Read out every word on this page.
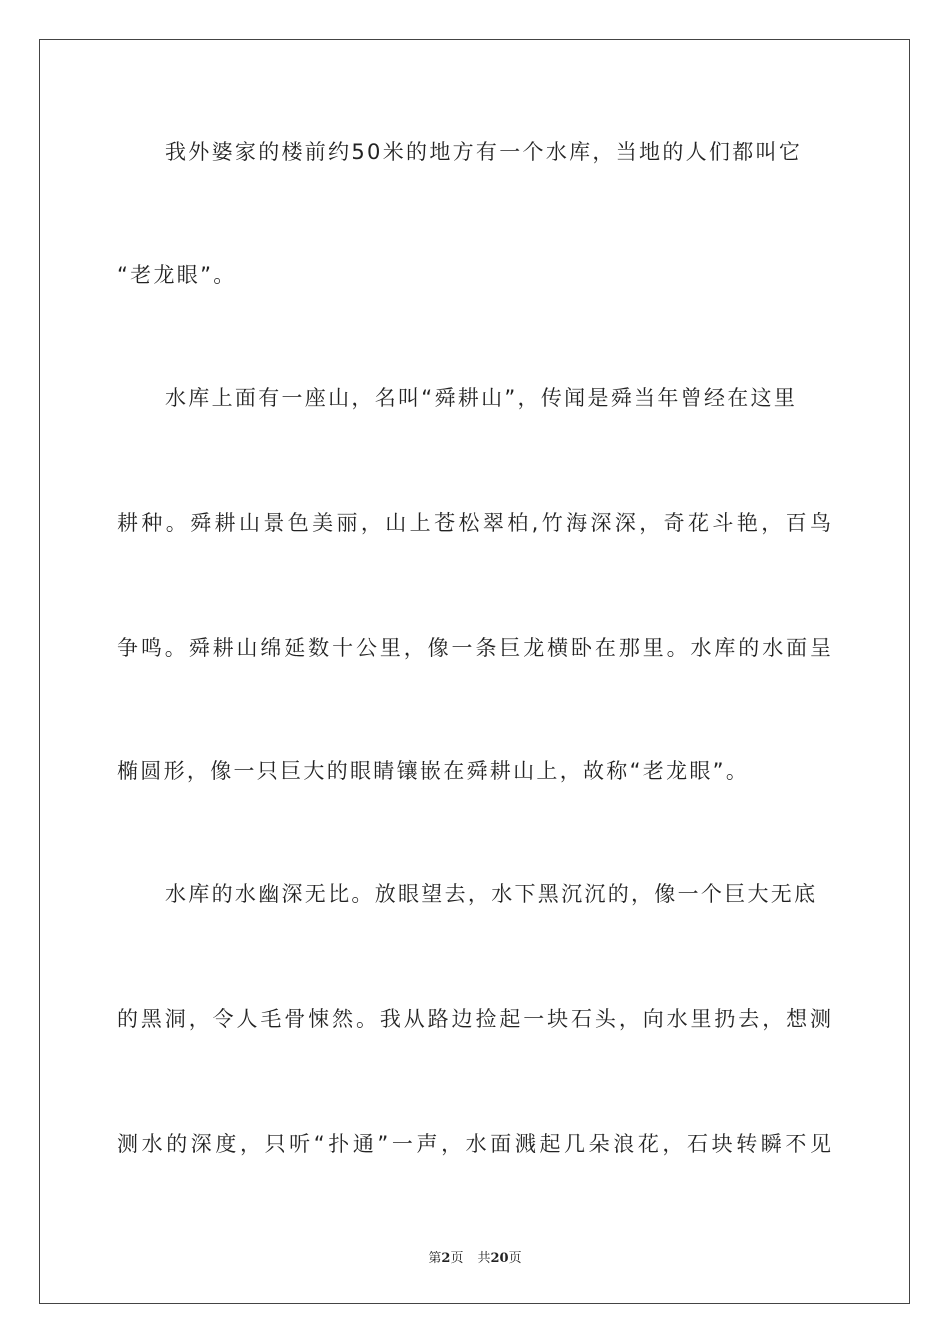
我外婆家的楼前约50米的地方有一个水库，当地的人们都叫它
“老龙眼”。
水库上面有一座山，名叫“舜耕山”，传闻是舜当年曾经在这里
耕种。舜耕山景色美丽，山上苍松翠柏,竹海深深，奇花斗艳，百鸟
争鸣。舜耕山绵延数十公里，像一条巨龙横卧在那里。水库的水面呈
椭圆形，像一只巨大的眼睛镶嵌在舜耕山上，故称“老龙眼”。
水库的水幽深无比。放眼望去，水下黑沉沉的，像一个巨大无底
的黑洞，令人毛骨悚然。我从路边捡起一块石头，向水里扔去，想测
测水的深度，只听“扑通”一声，水面溅起几朵浪花，石块转瞬不见
第2页 共20页
